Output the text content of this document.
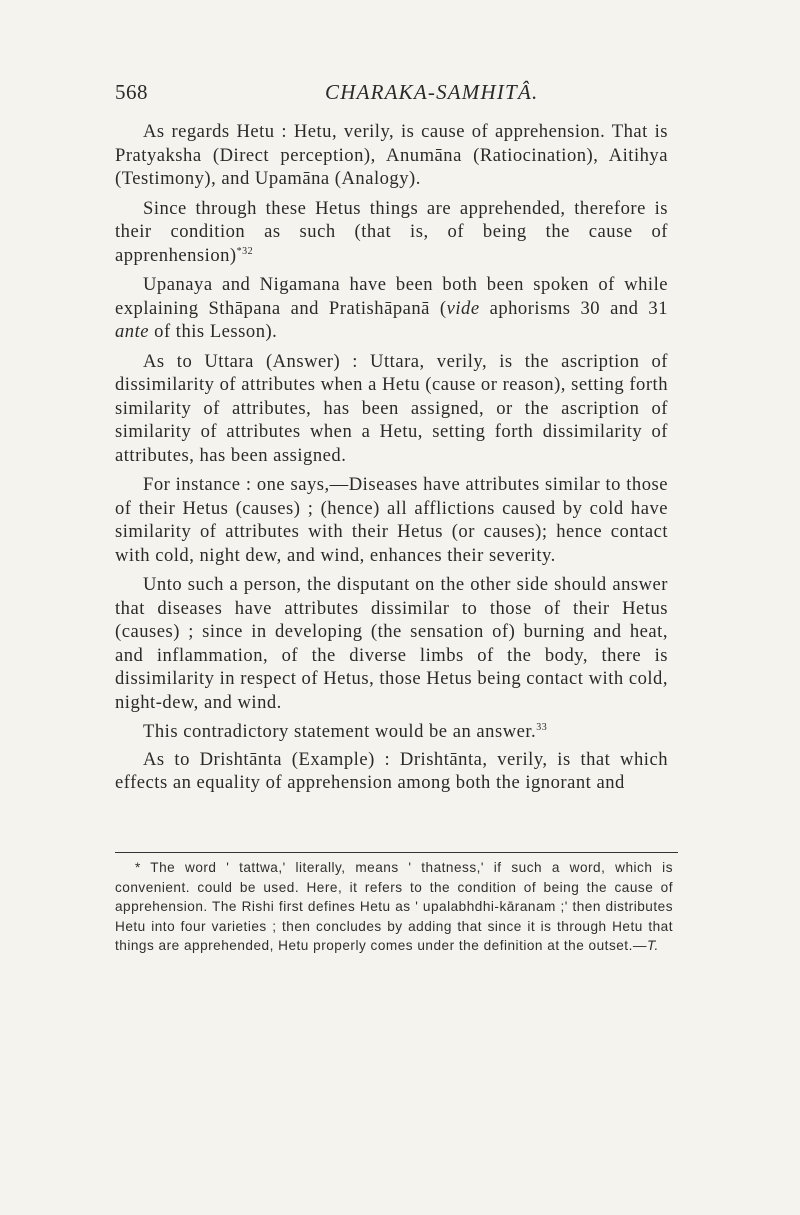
568	CHARAKA-SAMHITÂ.

As regards Hetu : Hetu, verily, is cause of apprehension. That is Pratyaksha (Direct perception), Anumāna (Ratiocination), Aitihya (Testimony), and Upamāna (Analogy).

Since through these Hetus things are apprehended, therefore is their condition as such (that is, of being the cause of apprenhension)$^{*32}$

Upanaya and Nigamana have been both been spoken of while explaining Sthāpana and Pratishāpanā (vide aphorisms 30 and 31 ante of this Lesson).

As to Uttara (Answer) : Uttara, verily, is the ascription of dissimilarity of attributes when a Hetu (cause or reason), setting forth similarity of attributes, has been assigned, or the ascription of similarity of attributes when a Hetu, setting forth dissimilarity of attributes, has been assigned.

For instance : one says,—Diseases have attributes similar to those of their Hetus (causes) ; (hence) all afflictions caused by cold have similarity of attributes with their Hetus (or causes); hence contact with cold, night dew, and wind, enhances their severity.

Unto such a person, the disputant on the other side should answer that diseases have attributes dissimilar to those of their Hetus (causes) ; since in developing (the sensation of) burning and heat, and inflammation, of the diverse limbs of the body, there is dissimilarity in respect of Hetus, those Hetus being contact with cold, night-dew, and wind.

This contradictory statement would be an answer.$^{33}$

As to Drishtānta (Example) : Drishtānta, verily, is that which effects an equality of apprehension among both the ignorant and

* The word ' tattwa,' literally, means ' thatness,' if such a word, which is convenient. could be used. Here, it refers to the condition of being the cause of apprehension. The Rishi first defines Hetu as ' upalabhdhi-kāranam ;' then distributes Hetu into four varieties ; then concludes by adding that since it is through Hetu that things are apprehended, Hetu properly comes under the definition at the outset.—T.
